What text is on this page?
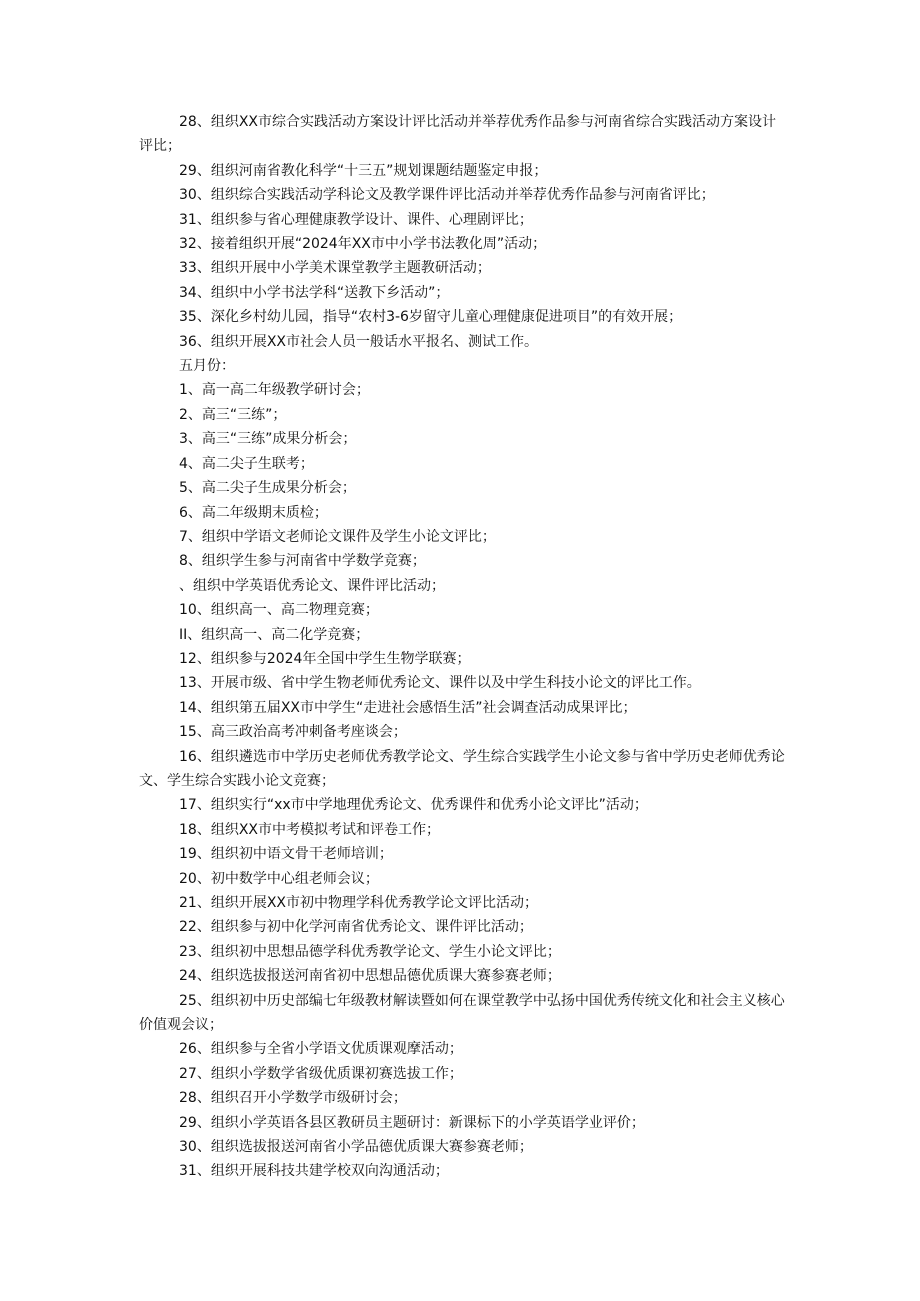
28、组织XX市综合实践活动方案设计评比活动并举荐优秀作品参与河南省综合实践活动方案设计评比；

29、组织河南省教化科学“十三五”规划课题结题鉴定申报；

30、组织综合实践活动学科论文及教学课件评比活动并举荐优秀作品参与河南省评比；

31、组织参与省心理健康教学设计、课件、心理剧评比；

32、接着组织开展“2024年XX市中小学书法教化周”活动；

33、组织开展中小学美术课堂教学主题教研活动；

34、组织中小学书法学科“送教下乡活动”；

35、深化乡村幼儿园，指导“农村3-6岁留守儿童心理健康促进项目”的有效开展；

36、组织开展XX市社会人员一般话水平报名、测试工作。

五月份：

1、高一高二年级教学研讨会；

2、高三“三练”；

3、高三“三练”成果分析会；

4、高二尖子生联考；

5、高二尖子生成果分析会；

6、高二年级期末质检；

7、组织中学语文老师论文课件及学生小论文评比；

8、组织学生参与河南省中学数学竞赛；

、组织中学英语优秀论文、课件评比活动；

10、组织高一、高二物理竞赛；

II、组织高一、高二化学竞赛；

12、组织参与2024年全国中学生生物学联赛；

13、开展市级、省中学生物老师优秀论文、课件以及中学生科技小论文的评比工作。

14、组织第五届XX市中学生“走进社会感悟生活”社会调查活动成果评比；

15、高三政治高考冲刺备考座谈会；

16、组织遴选市中学历史老师优秀教学论文、学生综合实践学生小论文参与省中学历史老师优秀论文、学生综合实践小论文竞赛；

17、组织实行“xx市中学地理优秀论文、优秀课件和优秀小论文评比”活动；

18、组织XX市中考模拟考试和评卷工作；

19、组织初中语文骨干老师培训；

20、初中数学中心组老师会议；

21、组织开展XX市初中物理学科优秀教学论文评比活动；

22、组织参与初中化学河南省优秀论文、课件评比活动；

23、组织初中思想品德学科优秀教学论文、学生小论文评比；

24、组织选拔报送河南省初中思想品德优质课大赛参赛老师；

25、组织初中历史部编七年级教材解读暨如何在课堂教学中弘扬中国优秀传统文化和社会主义核心价值观会议；

26、组织参与全省小学语文优质课观摩活动；

27、组织小学数学省级优质课初赛选拔工作；

28、组织召开小学数学市级研讨会；

29、组织小学英语各县区教研员主题研讨：新课标下的小学英语学业评价；

30、组织选拔报送河南省小学品德优质课大赛参赛老师；

31、组织开展科技共建学校双向沟通活动；
